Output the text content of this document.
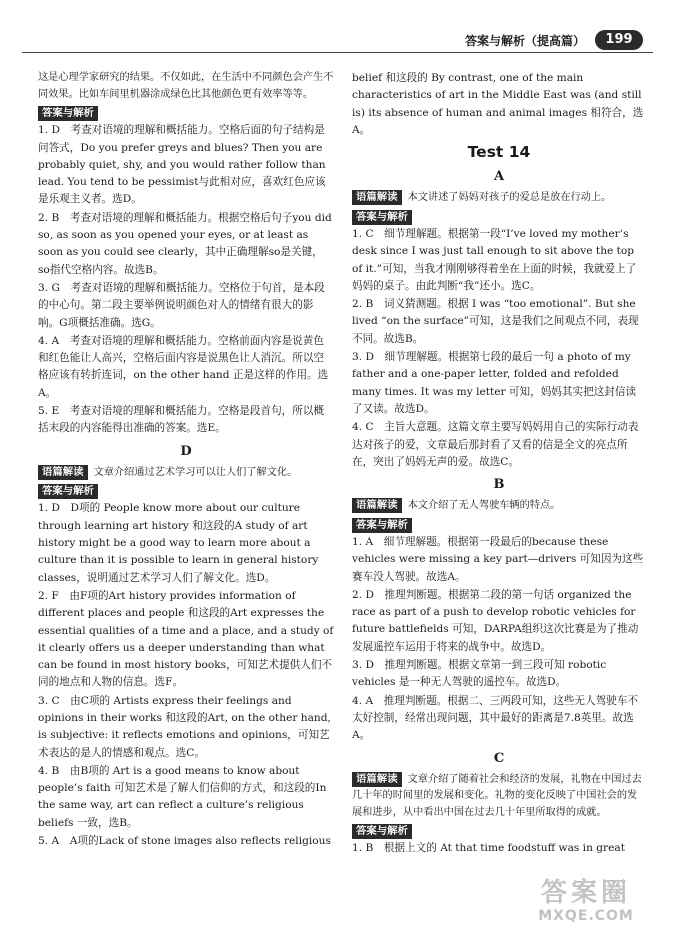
答案与解析（提高篇）	199

这是心理学家研究的结果。不仅如此，在生活中不同颜色会产生不同效果。比如车间里机器涂成绿色比其他颜色更有效率等等。

答案与解析

1. D　考查对语境的理解和概括能力。空格后面的句子结构是问答式，Do you prefer greys and blues? Then you are probably quiet, shy, and you would rather follow than lead. You tend to be pessimist与此相对应，喜欢红色应该是乐观主义者。选D。

2. B　考查对语境的理解和概括能力。根据空格后句子you did so, as soon as you opened your eyes, or at least as soon as you could see clearly，其中正确理解so是关键，so指代空格内容。故选B。

3. G　考查对语境的理解和概括能力。空格位于句首，是本段的中心句。第二段主要举例说明颜色对人的情绪有很大的影响。G项概括准确。选G。

4. A　考查对语境的理解和概括能力。空格前面内容是说黄色和红色能让人高兴，空格后面内容是说黑色让人消沉。所以空格应该有转折连词，on the other hand 正是这样的作用。选A。

5. E　考查对语境的理解和概括能力。空格是段首句，所以概括末段的内容能得出准确的答案。选E。

D

语篇解读 文章介绍通过艺术学习可以让人们了解文化。

答案与解析

1. D　D项的 People know more about our culture through learning art history 和这段的A study of art history might be a good way to learn more about a culture than it is possible to learn in general history classes，说明通过艺术学习人们了解文化。选D。

2. F　由F项的Art history provides information of different places and people 和这段的Art expresses the essential qualities of a time and a place, and a study of it clearly offers us a deeper understanding than what can be found in most history books，可知艺术提供人们不同的地点和人物的信息。选F。

3. C　由C项的 Artists express their feelings and opinions in their works 和这段的Art, on the other hand, is subjective: it reflects emotions and opinions，可知艺术表达的是人的情感和观点。选C。

4. B　由B项的 Art is a good means to know about people’s faith 可知艺术是了解人们信仰的方式，和这段的In the same way, art can reflect a culture’s religious beliefs 一致，选B。

5. A　A项的Lack of stone images also reflects religious

belief 和这段的 By contrast, one of the main characteristics of art in the Middle East was (and still is) its absence of human and animal images 相符合，选A。

Test 14
A

语篇解读 本文讲述了妈妈对孩子的爱总是放在行动上。

答案与解析

1. C　细节理解题。根据第一段“I’ve loved my mother’s desk since I was just tall enough to sit above the top of it.”可知，当我才刚刚够得着坐在上面的时候，我就爱上了妈妈的桌子。由此判断“我”还小。选C。

2. B　词义猜测题。根据 I was “too emotional”. But she lived “on the surface”可知，这是我们之间观点不同，表现不同。故选B。

3. D　细节理解题。根据第七段的最后一句 a photo of my father and a one-paper letter, folded and refolded many times. It was my letter 可知，妈妈其实把这封信读了又读。故选D。

4. C　主旨大意题。这篇文章主要写妈妈用自己的实际行动表达对孩子的爱，文章最后那封看了又看的信是全文的亮点所在，突出了妈妈无声的爱。故选C。

B

语篇解读 本文介绍了无人驾驶车辆的特点。

答案与解析

1. A　细节理解题。根据第一段最后的because these vehicles were missing a key part—drivers 可知因为这些赛车没人驾驶。故选A。

2. D　推理判断题。根据第二段的第一句话 organized the race as part of a push to develop robotic vehicles for future battlefields 可知，DARPA组织这次比赛是为了推动发展遥控车运用于将来的战争中。故选D。

3. D　推理判断题。根据文章第一到三段可知 robotic vehicles 是一种无人驾驶的遥控车。故选D。

4. A　推理判断题。根据二、三两段可知，这些无人驾驶车不太好控制，经常出现问题，其中最好的距离是7.8英里。故选A。

C

语篇解读 文章介绍了随着社会和经济的发展，礼物在中国过去几十年的时间里的发展和变化。礼物的变化反映了中国社会的发展和进步，从中看出中国在过去几十年里所取得的成就。

答案与解析

1. B　根据上文的 At that time foodstuff was in great

答案圈
MXQE.COM
